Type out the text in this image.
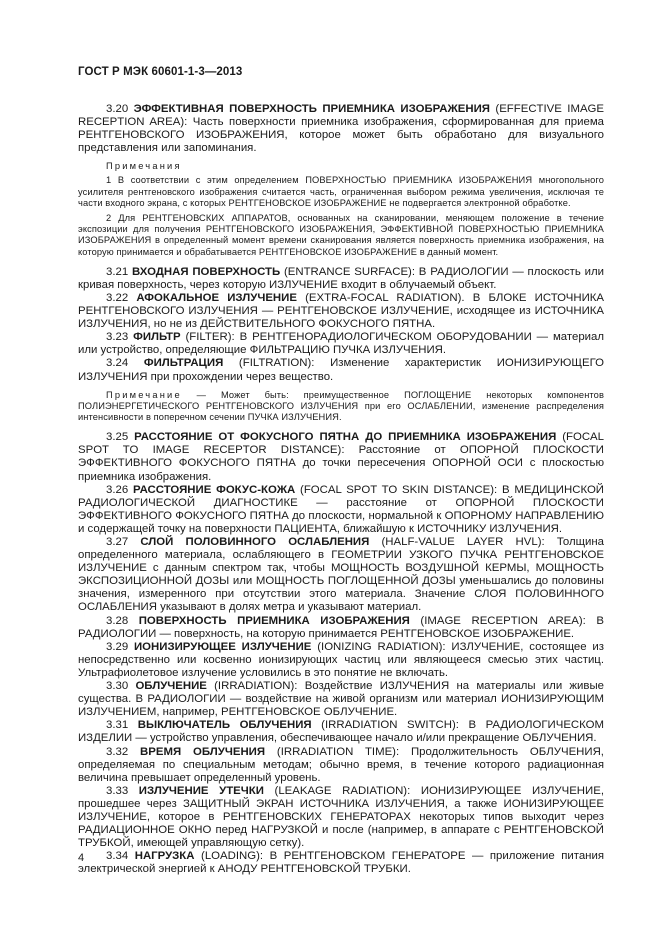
ГОСТ Р МЭК 60601-1-3—2013

3.20 ЭФФЕКТИВНАЯ ПОВЕРХНОСТЬ ПРИЕМНИКА ИЗОБРАЖЕНИЯ (EFFECTIVE IMAGE RECEPTION AREA): Часть поверхности приемника изображения, сформированная для приема РЕНТГЕНОВСКОГО ИЗОБРАЖЕНИЯ, которое может быть обработано для визуального представления или запоминания.

Примечания
1 В соответствии с этим определением ПОВЕРХНОСТЬЮ ПРИЕМНИКА ИЗОБРАЖЕНИЯ многопольного усилителя рентгеновского изображения считается часть, ограниченная выбором режима увеличения, исключая те части входного экрана, с которых РЕНТГЕНОВСКОЕ ИЗОБРАЖЕНИЕ не подвергается электронной обработке.
2 Для РЕНТГЕНОВСКИХ АППАРАТОВ, основанных на сканировании, меняющем положение в течение экспозиции для получения РЕНТГЕНОВСКОГО ИЗОБРАЖЕНИЯ, ЭФФЕКТИВНОЙ ПОВЕРХНОСТЬЮ ПРИЕМНИКА ИЗОБРАЖЕНИЯ в определенный момент времени сканирования является поверхность приемника изображения, на которую принимается и обрабатывается РЕНТГЕНОВСКОЕ ИЗОБРАЖЕНИЕ в данный момент.

3.21 ВХОДНАЯ ПОВЕРХНОСТЬ (ENTRANCE SURFACE): В РАДИОЛОГИИ — плоскость или кривая поверхность, через которую ИЗЛУЧЕНИЕ входит в облучаемый объект.

3.22 АФОКАЛЬНОЕ ИЗЛУЧЕНИЕ (EXTRA-FOCAL RADIATION). В БЛОКЕ ИСТОЧНИКА РЕНТГЕНОВСКОГО ИЗЛУЧЕНИЯ — РЕНТГЕНОВСКОЕ ИЗЛУЧЕНИЕ, исходящее из ИСТОЧНИКА ИЗЛУЧЕНИЯ, но не из ДЕЙСТВИТЕЛЬНОГО ФОКУСНОГО ПЯТНА.

3.23 ФИЛЬТР (FILTER): В РЕНТГЕНОРАДИОЛОГИЧЕСКОМ ОБОРУДОВАНИИ — материал или устройство, определяющие ФИЛЬТРАЦИЮ ПУЧКА ИЗЛУЧЕНИЯ.

3.24 ФИЛЬТРАЦИЯ (FILTRATION): Изменение характеристик ИОНИЗИРУЮЩЕГО ИЗЛУЧЕНИЯ при прохождении через вещество.

Примечание — Может быть: преимущественное ПОГЛОЩЕНИЕ некоторых компонентов ПОЛИЭНЕРГЕТИЧЕСКОГО РЕНТГЕНОВСКОГО ИЗЛУЧЕНИЯ при его ОСЛАБЛЕНИИ, изменение распределения интенсивности в поперечном сечении ПУЧКА ИЗЛУЧЕНИЯ.

3.25 РАССТОЯНИЕ ОТ ФОКУСНОГО ПЯТНА ДО ПРИЕМНИКА ИЗОБРАЖЕНИЯ (FOCAL SPOT TO IMAGE RECEPTOR DISTANCE): Расстояние от ОПОРНОЙ ПЛОСКОСТИ ЭФФЕКТИВНОГО ФОКУСНОГО ПЯТНА до точки пересечения ОПОРНОЙ ОСИ с плоскостью приемника изображения.

3.26 РАССТОЯНИЕ ФОКУС-КОЖА (FOCAL SPOT TO SKIN DISTANCE): В МЕДИЦИНСКОЙ РАДИОЛОГИЧЕСКОЙ ДИАГНОСТИКЕ — расстояние от ОПОРНОЙ ПЛОСКОСТИ ЭФФЕКТИВНОГО ФОКУСНОГО ПЯТНА до плоскости, нормальной к ОПОРНОМУ НАПРАВЛЕНИЮ и содержащей точку на поверхности ПАЦИЕНТА, ближайшую к ИСТОЧНИКУ ИЗЛУЧЕНИЯ.

3.27 СЛОЙ ПОЛОВИННОГО ОСЛАБЛЕНИЯ (HALF-VALUE LAYER HVL): Толщина определенного материала, ослабляющего в ГЕОМЕТРИИ УЗКОГО ПУЧКА РЕНТГЕНОВСКОЕ ИЗЛУЧЕНИЕ с данным спектром так, чтобы МОЩНОСТЬ ВОЗДУШНОЙ КЕРМЫ, МОЩНОСТЬ ЭКСПОЗИЦИОННОЙ ДОЗЫ или МОЩНОСТЬ ПОГЛОЩЕННОЙ ДОЗЫ уменьшались до половины значения, измеренного при отсутствии этого материала. Значение СЛОЯ ПОЛОВИННОГО ОСЛАБЛЕНИЯ указывают в долях метра и указывают материал.

3.28 ПОВЕРХНОСТЬ ПРИЕМНИКА ИЗОБРАЖЕНИЯ (IMAGE RECEPTION AREA): В РАДИОЛОГИИ — поверхность, на которую принимается РЕНТГЕНОВСКОЕ ИЗОБРАЖЕНИЕ.

3.29 ИОНИЗИРУЮЩЕЕ ИЗЛУЧЕНИЕ (IONIZING RADIATION): ИЗЛУЧЕНИЕ, состоящее из непосредственно или косвенно ионизирующих частиц или являющееся смесью этих частиц. Ультрафиолетовое излучение условились в это понятие не включать.

3.30 ОБЛУЧЕНИЕ (IRRADIATION): Воздействие ИЗЛУЧЕНИЯ на материалы или живые существа. В РАДИОЛОГИИ — воздействие на живой организм или материал ИОНИЗИРУЮЩИМ ИЗЛУЧЕНИЕМ, например, РЕНТГЕНОВСКОЕ ОБЛУЧЕНИЕ.

3.31 ВЫКЛЮЧАТЕЛЬ ОБЛУЧЕНИЯ (IRRADIATION SWITCH): В РАДИОЛОГИЧЕСКОМ ИЗДЕЛИИ — устройство управления, обеспечивающее начало и/или прекращение ОБЛУЧЕНИЯ.

3.32 ВРЕМЯ ОБЛУЧЕНИЯ (IRRADIATION TIME): Продолжительность ОБЛУЧЕНИЯ, определяемая по специальным методам; обычно время, в течение которого радиационная величина превышает определенный уровень.

3.33 ИЗЛУЧЕНИЕ УТЕЧКИ (LEAKAGE RADIATION): ИОНИЗИРУЮЩЕЕ ИЗЛУЧЕНИЕ, прошедшее через ЗАЩИТНЫЙ ЭКРАН ИСТОЧНИКА ИЗЛУЧЕНИЯ, а также ИОНИЗИРУЮЩЕЕ ИЗЛУЧЕНИЕ, которое в РЕНТГЕНОВСКИХ ГЕНЕРАТОРАХ некоторых типов выходит через РАДИАЦИОННОЕ ОКНО перед НАГРУЗКОЙ и после (например, в аппарате с РЕНТГЕНОВСКОЙ ТРУБКОЙ, имеющей управляющую сетку).

3.34 НАГРУЗКА (LOADING): В РЕНТГЕНОВСКОМ ГЕНЕРАТОРЕ — приложение питания электрической энергией к АНОДУ РЕНТГЕНОВСКОЙ ТРУБКИ.

4
